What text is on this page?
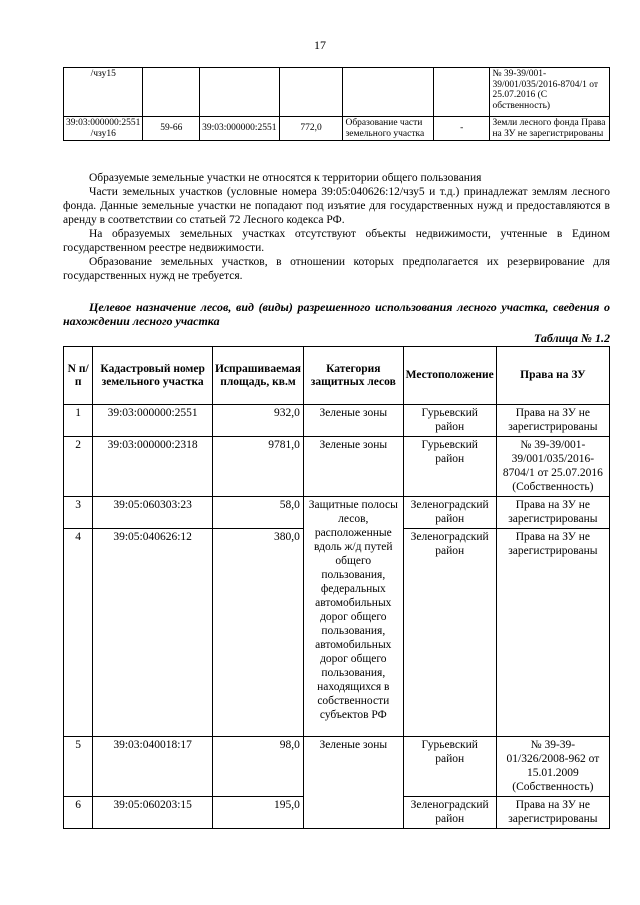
17
/чзу15						№ 39-39/001-39/001/035/2016-8704/1 от 25.07.2016 (С обственность)
39:03:000000:2551 /чзу16	59-66	39:03:000000:2551	772,0	Образование части земельного участка	-	Земли лесного фонда Права на ЗУ не зарегистрированы

Образуемые земельные участки не относятся к территории общего пользования

Части земельных участков (условные номера 39:05:040626:12/чзу5 и т.д.) принадлежат землям лесного фонда. Данные земельные участки не попадают под изъятие для государственных нужд и предоставляются в аренду в соответствии со статьей 72 Лесного кодекса РФ.

На образуемых земельных участках отсутствуют объекты недвижимости, учтенные в Едином государственном реестре недвижимости.

Образование земельных участков, в отношении которых предполагается их резервирование для государственных нужд не требуется.

Целевое назначение лесов, вид (виды) разрешенного использования лесного участка, сведения о нахождении лесного участка

Таблица № 1.2
N п/п	Кадастровый номер земельного участка	Испрашиваемая площадь, кв.м	Категория защитных лесов	Местоположение	Права на ЗУ
1	39:03:000000:2551	932,0	Зеленые зоны	Гурьевский район	Права на ЗУ не зарегистрированы
2	39:03:000000:2318	9781,0	Зеленые зоны	Гурьевский район	№ 39-39/001-39/001/035/2016-8704/1 от 25.07.2016 (Собственность)
3	39:05:060303:23	58,0	Защитные полосы лесов, расположенные вдоль ж/д путей общего пользования, федеральных автомобильных дорог общего пользования, автомобильных дорог общего пользования, находящихся в собственности субъектов РФ	Зеленоградский район	Права на ЗУ не зарегистрированы
4	39:05:040626:12	380,0		Зеленоградский район	Права на ЗУ не зарегистрированы
5	39:03:040018:17	98,0	Зеленые зоны	Гурьевский район	№ 39-39-01/326/2008-962 от 15.01.2009 (Собственность)
6	39:05:060203:15	195,0		Зеленоградский район	Права на ЗУ не зарегистрированы
